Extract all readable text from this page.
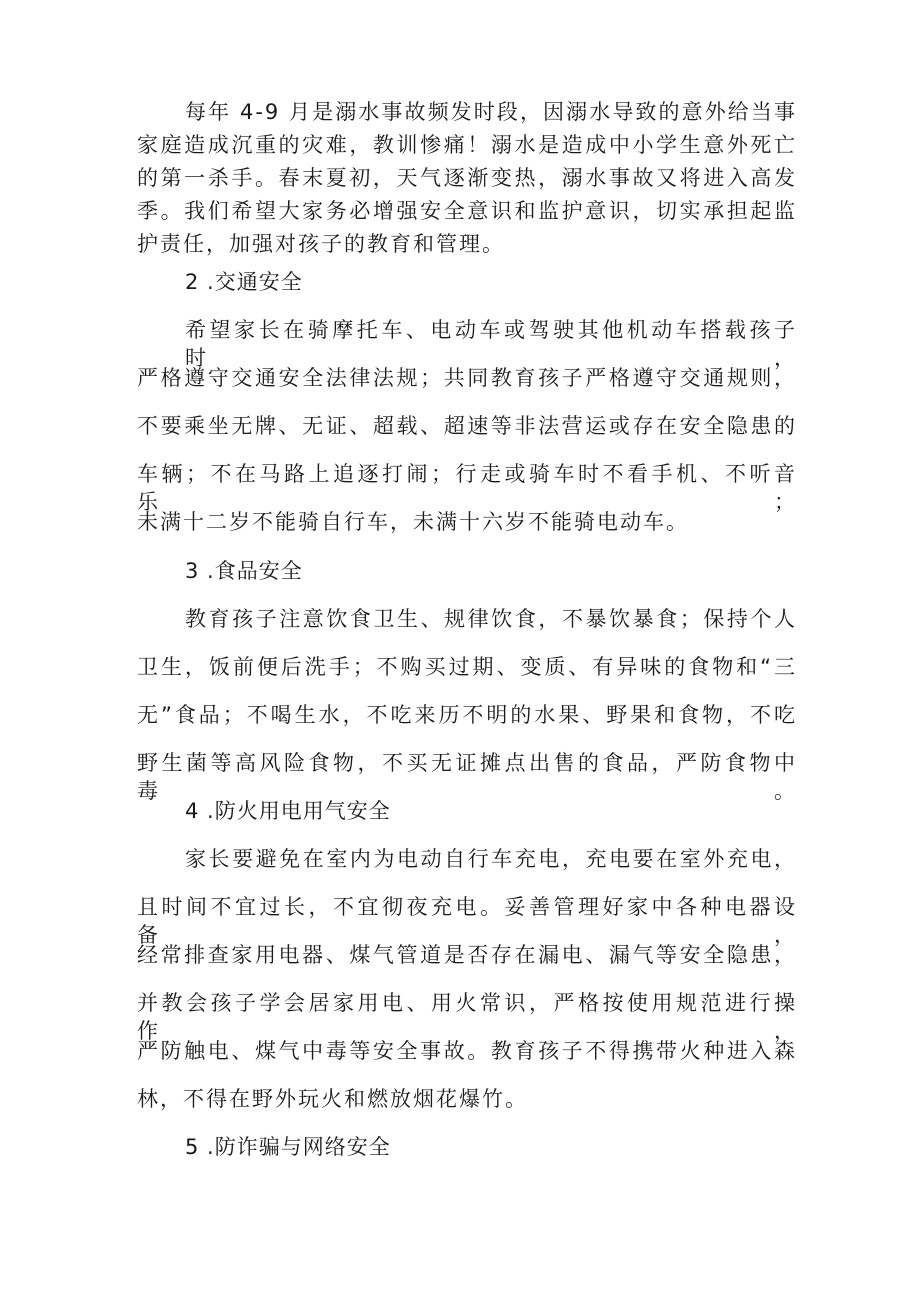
每年 4-9 月是溺水事故频发时段，因溺水导致的意外给当事
家庭造成沉重的灾难，教训惨痛！溺水是造成中小学生意外死亡
的第一杀手。春末夏初，天气逐渐变热，溺水事故又将进入高发
季。我们希望大家务必增强安全意识和监护意识，切实承担起监
护责任，加强对孩子的教育和管理。
2 .交通安全
希望家长在骑摩托车、电动车或驾驶其他机动车搭载孩子时，
严格遵守交通安全法律法规；共同教育孩子严格遵守交通规则，
不要乘坐无牌、无证、超载、超速等非法营运或存在安全隐患的
车辆；不在马路上追逐打闹；行走或骑车时不看手机、不听音乐；
未满十二岁不能骑自行车，未满十六岁不能骑电动车。
3 .食品安全
教育孩子注意饮食卫生、规律饮食，不暴饮暴食；保持个人
卫生，饭前便后洗手；不购买过期、变质、有异味的食物和“三
无”食品；不喝生水，不吃来历不明的水果、野果和食物，不吃
野生菌等高风险食物，不买无证摊点出售的食品，严防食物中毒。
4 .防火用电用气安全
家长要避免在室内为电动自行车充电，充电要在室外充电，
且时间不宜过长，不宜彻夜充电。妥善管理好家中各种电器设备，
经常排查家用电器、煤气管道是否存在漏电、漏气等安全隐患，
并教会孩子学会居家用电、用火常识，严格按使用规范进行操作，
严防触电、煤气中毒等安全事故。教育孩子不得携带火种进入森
林，不得在野外玩火和燃放烟花爆竹。
5 .防诈骗与网络安全
